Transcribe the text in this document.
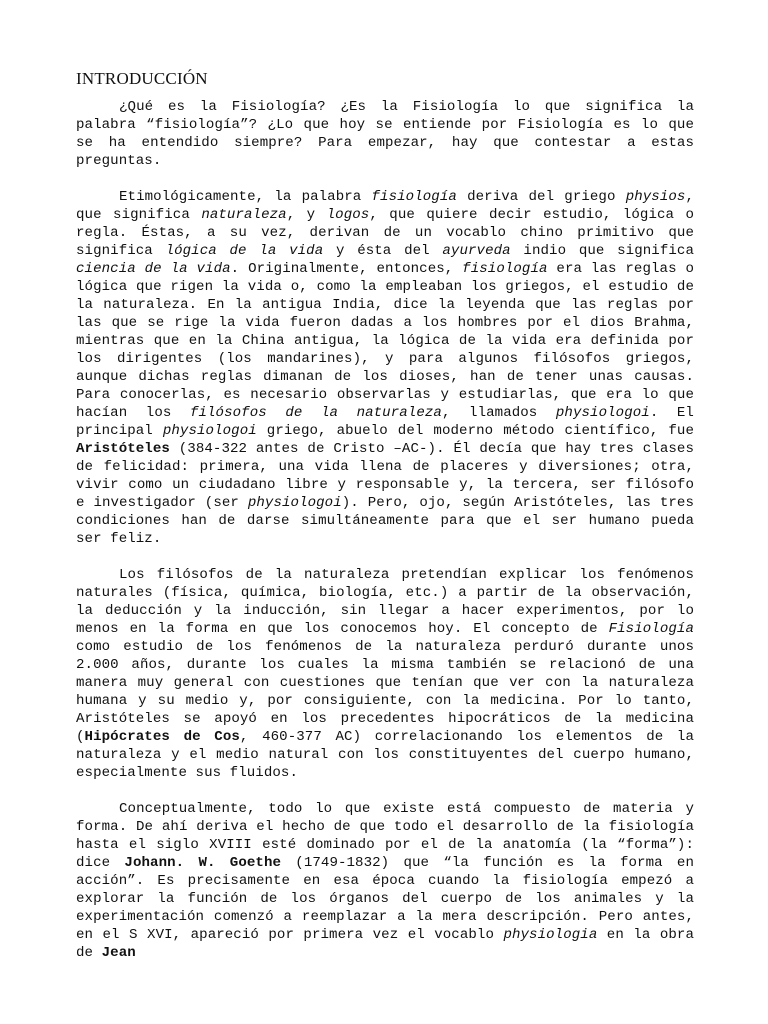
INTRODUCCIÓN

¿Qué es la Fisiología? ¿Es la Fisiología lo que significa la palabra “fisiología”? ¿Lo que hoy se entiende por Fisiología es lo que se ha entendido siempre? Para empezar, hay que contestar a estas preguntas.

Etimológicamente, la palabra fisiología deriva del griego physios, que significa naturaleza, y logos, que quiere decir estudio, lógica o regla. Éstas, a su vez, derivan de un vocablo chino primitivo que significa lógica de la vida y ésta del ayurveda indio que significa ciencia de la vida. Originalmente, entonces, fisiología era las reglas o lógica que rigen la vida o, como la empleaban los griegos, el estudio de la naturaleza. En la antigua India, dice la leyenda que las reglas por las que se rige la vida fueron dadas a los hombres por el dios Brahma, mientras que en la China antigua, la lógica de la vida era definida por los dirigentes (los mandarines), y para algunos filósofos griegos, aunque dichas reglas dimanan de los dioses, han de tener unas causas. Para conocerlas, es necesario observarlas y estudiarlas, que era lo que hacían los filósofos de la naturaleza, llamados physiologoi. El principal physiologoi griego, abuelo del moderno método científico, fue Aristóteles (384-322 antes de Cristo –AC-). Él decía que hay tres clases de felicidad: primera, una vida llena de placeres y diversiones; otra, vivir como un ciudadano libre y responsable y, la tercera, ser filósofo e investigador (ser physiologoi). Pero, ojo, según Aristóteles, las tres condiciones han de darse simultáneamente para que el ser humano pueda ser feliz.

Los filósofos de la naturaleza pretendían explicar los fenómenos naturales (física, química, biología, etc.) a partir de la observación, la deducción y la inducción, sin llegar a hacer experimentos, por lo menos en la forma en que los conocemos hoy. El concepto de Fisiología como estudio de los fenómenos de la naturaleza perduró durante unos 2.000 años, durante los cuales la misma también se relacionó de una manera muy general con cuestiones que tenían que ver con la naturaleza humana y su medio y, por consiguiente, con la medicina. Por lo tanto, Aristóteles se apoyó en los precedentes hipocráticos de la medicina (Hipócrates de Cos, 460-377 AC) correlacionando los elementos de la naturaleza y el medio natural con los constituyentes del cuerpo humano, especialmente sus fluidos.

Conceptualmente, todo lo que existe está compuesto de materia y forma. De ahí deriva el hecho de que todo el desarrollo de la fisiología hasta el siglo XVIII esté dominado por el de la anatomía (la “forma”): dice Johann. W. Goethe (1749-1832) que “la función es la forma en acción”. Es precisamente en esa época cuando la fisiología empezó a explorar la función de los órganos del cuerpo de los animales y la experimentación comenzó a reemplazar a la mera descripción. Pero antes, en el S XVI, apareció por primera vez el vocablo physiologia en la obra de Jean
